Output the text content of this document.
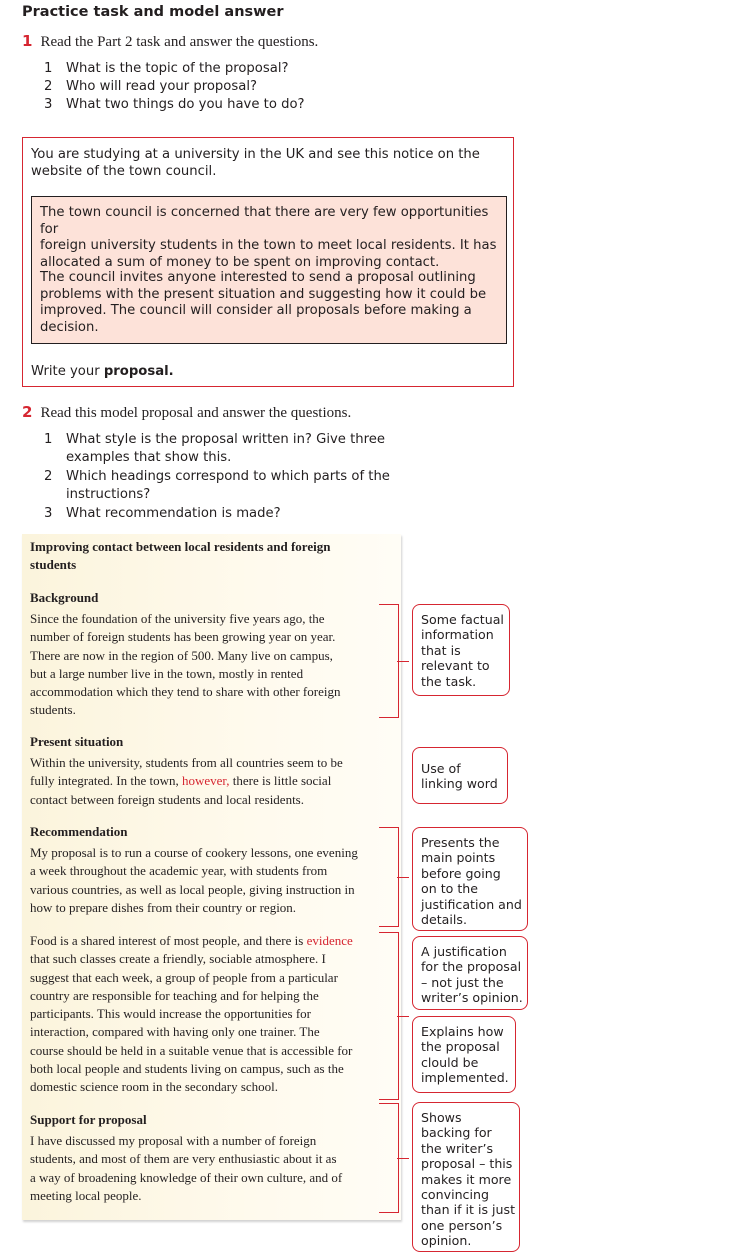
Practice task and model answer
1 Read the Part 2 task and answer the questions.
1 What is the topic of the proposal?
2 Who will read your proposal?
3 What two things do you have to do?
You are studying at a university in the UK and see this notice on the
website of the town council.
The town council is concerned that there are very few opportunities for
foreign university students in the town to meet local residents. It has
allocated a sum of money to be spent on improving contact.
The council invites anyone interested to send a proposal outlining
problems with the present situation and suggesting how it could be
improved. The council will consider all proposals before making a
decision.
Write your proposal.
2 Read this model proposal and answer the questions.
1 What style is the proposal written in? Give three
examples that show this.
2 Which headings correspond to which parts of the
instructions?
3 What recommendation is made?
Improving contact between local residents and foreign
students
Background
Since the foundation of the university five years ago, the
number of foreign students has been growing year on year.
There are now in the region of 500. Many live on campus,
but a large number live in the town, mostly in rented
accommodation which they tend to share with other foreign
students.
Present situation
Within the university, students from all countries seem to be
fully integrated. In the town, however, there is little social
contact between foreign students and local residents.
Recommendation
My proposal is to run a course of cookery lessons, one evening
a week throughout the academic year, with students from
various countries, as well as local people, giving instruction in
how to prepare dishes from their country or region.
Food is a shared interest of most people, and there is evidence
that such classes create a friendly, sociable atmosphere. I
suggest that each week, a group of people from a particular
country are responsible for teaching and for helping the
participants. This would increase the opportunities for
interaction, compared with having only one trainer. The
course should be held in a suitable venue that is accessible for
both local people and students living on campus, such as the
domestic science room in the secondary school.
Support for proposal
I have discussed my proposal with a number of foreign
students, and most of them are very enthusiastic about it as
a way of broadening knowledge of their own culture, and of
meeting local people.
Some factual
information
that is
relevant to
the task.
Use of
linking word
Presents the
main points
before going
on to the
justification and
details.
A justification
for the proposal
– not just the
writer’s opinion.
Explains how
the proposal
clould be
implemented.
Shows
backing for
the writer’s
proposal – this
makes it more
convincing
than if it is just
one person’s
opinion.
